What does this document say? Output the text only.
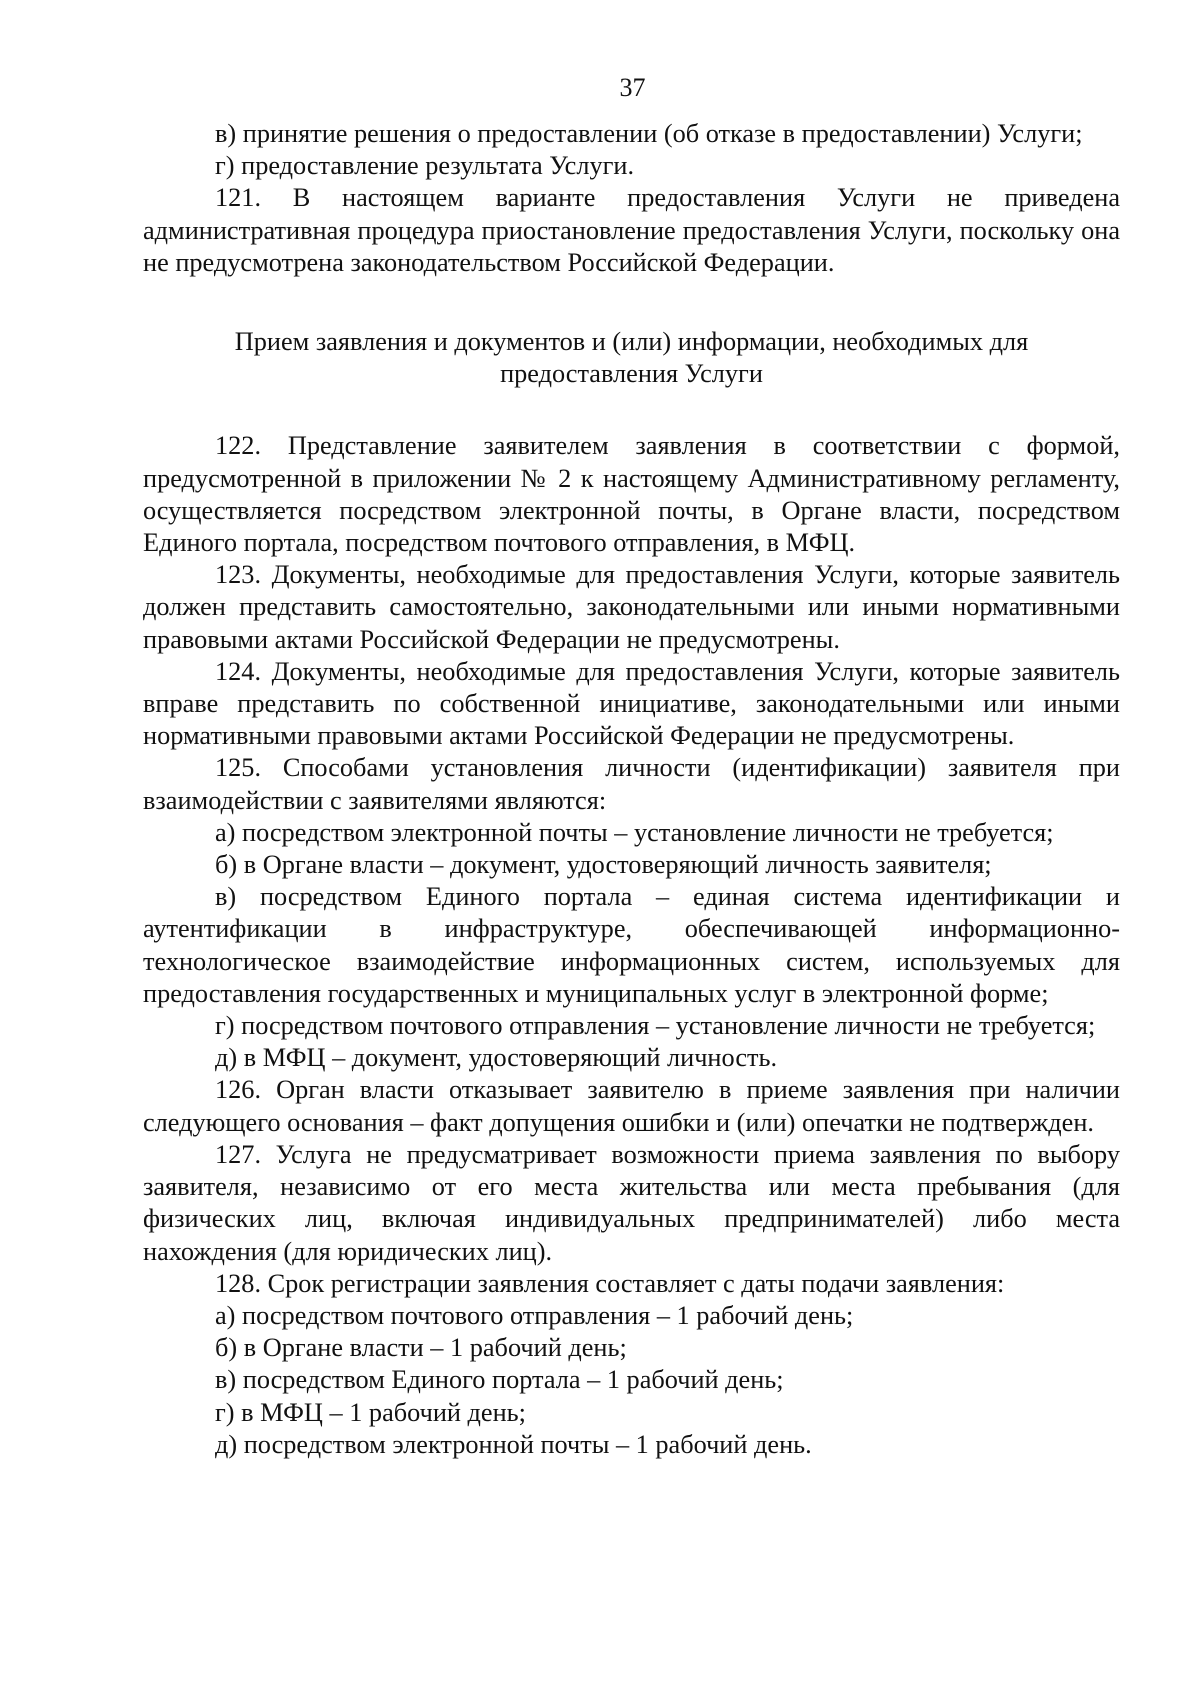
37

в) принятие решения о предоставлении (об отказе в предоставлении) Услуги;

г) предоставление результата Услуги.

121. В настоящем варианте предоставления Услуги не приведена административная процедура приостановление предоставления Услуги, поскольку она не предусмотрена законодательством Российской Федерации.

Прием заявления и документов и (или) информации, необходимых для предоставления Услуги

122. Представление заявителем заявления в соответствии с формой, предусмотренной в приложении № 2 к настоящему Административному регламенту, осуществляется посредством электронной почты, в Органе власти, посредством Единого портала, посредством почтового отправления, в МФЦ.

123. Документы, необходимые для предоставления Услуги, которые заявитель должен представить самостоятельно, законодательными или иными нормативными правовыми актами Российской Федерации не предусмотрены.

124. Документы, необходимые для предоставления Услуги, которые заявитель вправе представить по собственной инициативе, законодательными или иными нормативными правовыми актами Российской Федерации не предусмотрены.

125. Способами установления личности (идентификации) заявителя при взаимодействии с заявителями являются:

а) посредством электронной почты – установление личности не требуется;

б) в Органе власти – документ, удостоверяющий личность заявителя;

в) посредством Единого портала – единая система идентификации и аутентификации в инфраструктуре, обеспечивающей информационно-технологическое взаимодействие информационных систем, используемых для предоставления государственных и муниципальных услуг в электронной форме;

г) посредством почтового отправления – установление личности не требуется;

д) в МФЦ – документ, удостоверяющий личность.

126. Орган власти отказывает заявителю в приеме заявления при наличии следующего основания – факт допущения ошибки и (или) опечатки не подтвержден.

127. Услуга не предусматривает возможности приема заявления по выбору заявителя, независимо от его места жительства или места пребывания (для физических лиц, включая индивидуальных предпринимателей) либо места нахождения (для юридических лиц).

128. Срок регистрации заявления составляет с даты подачи заявления:

а) посредством почтового отправления – 1 рабочий день;

б) в Органе власти – 1 рабочий день;

в) посредством Единого портала – 1 рабочий день;

г) в МФЦ – 1 рабочий день;

д) посредством электронной почты – 1 рабочий день.
